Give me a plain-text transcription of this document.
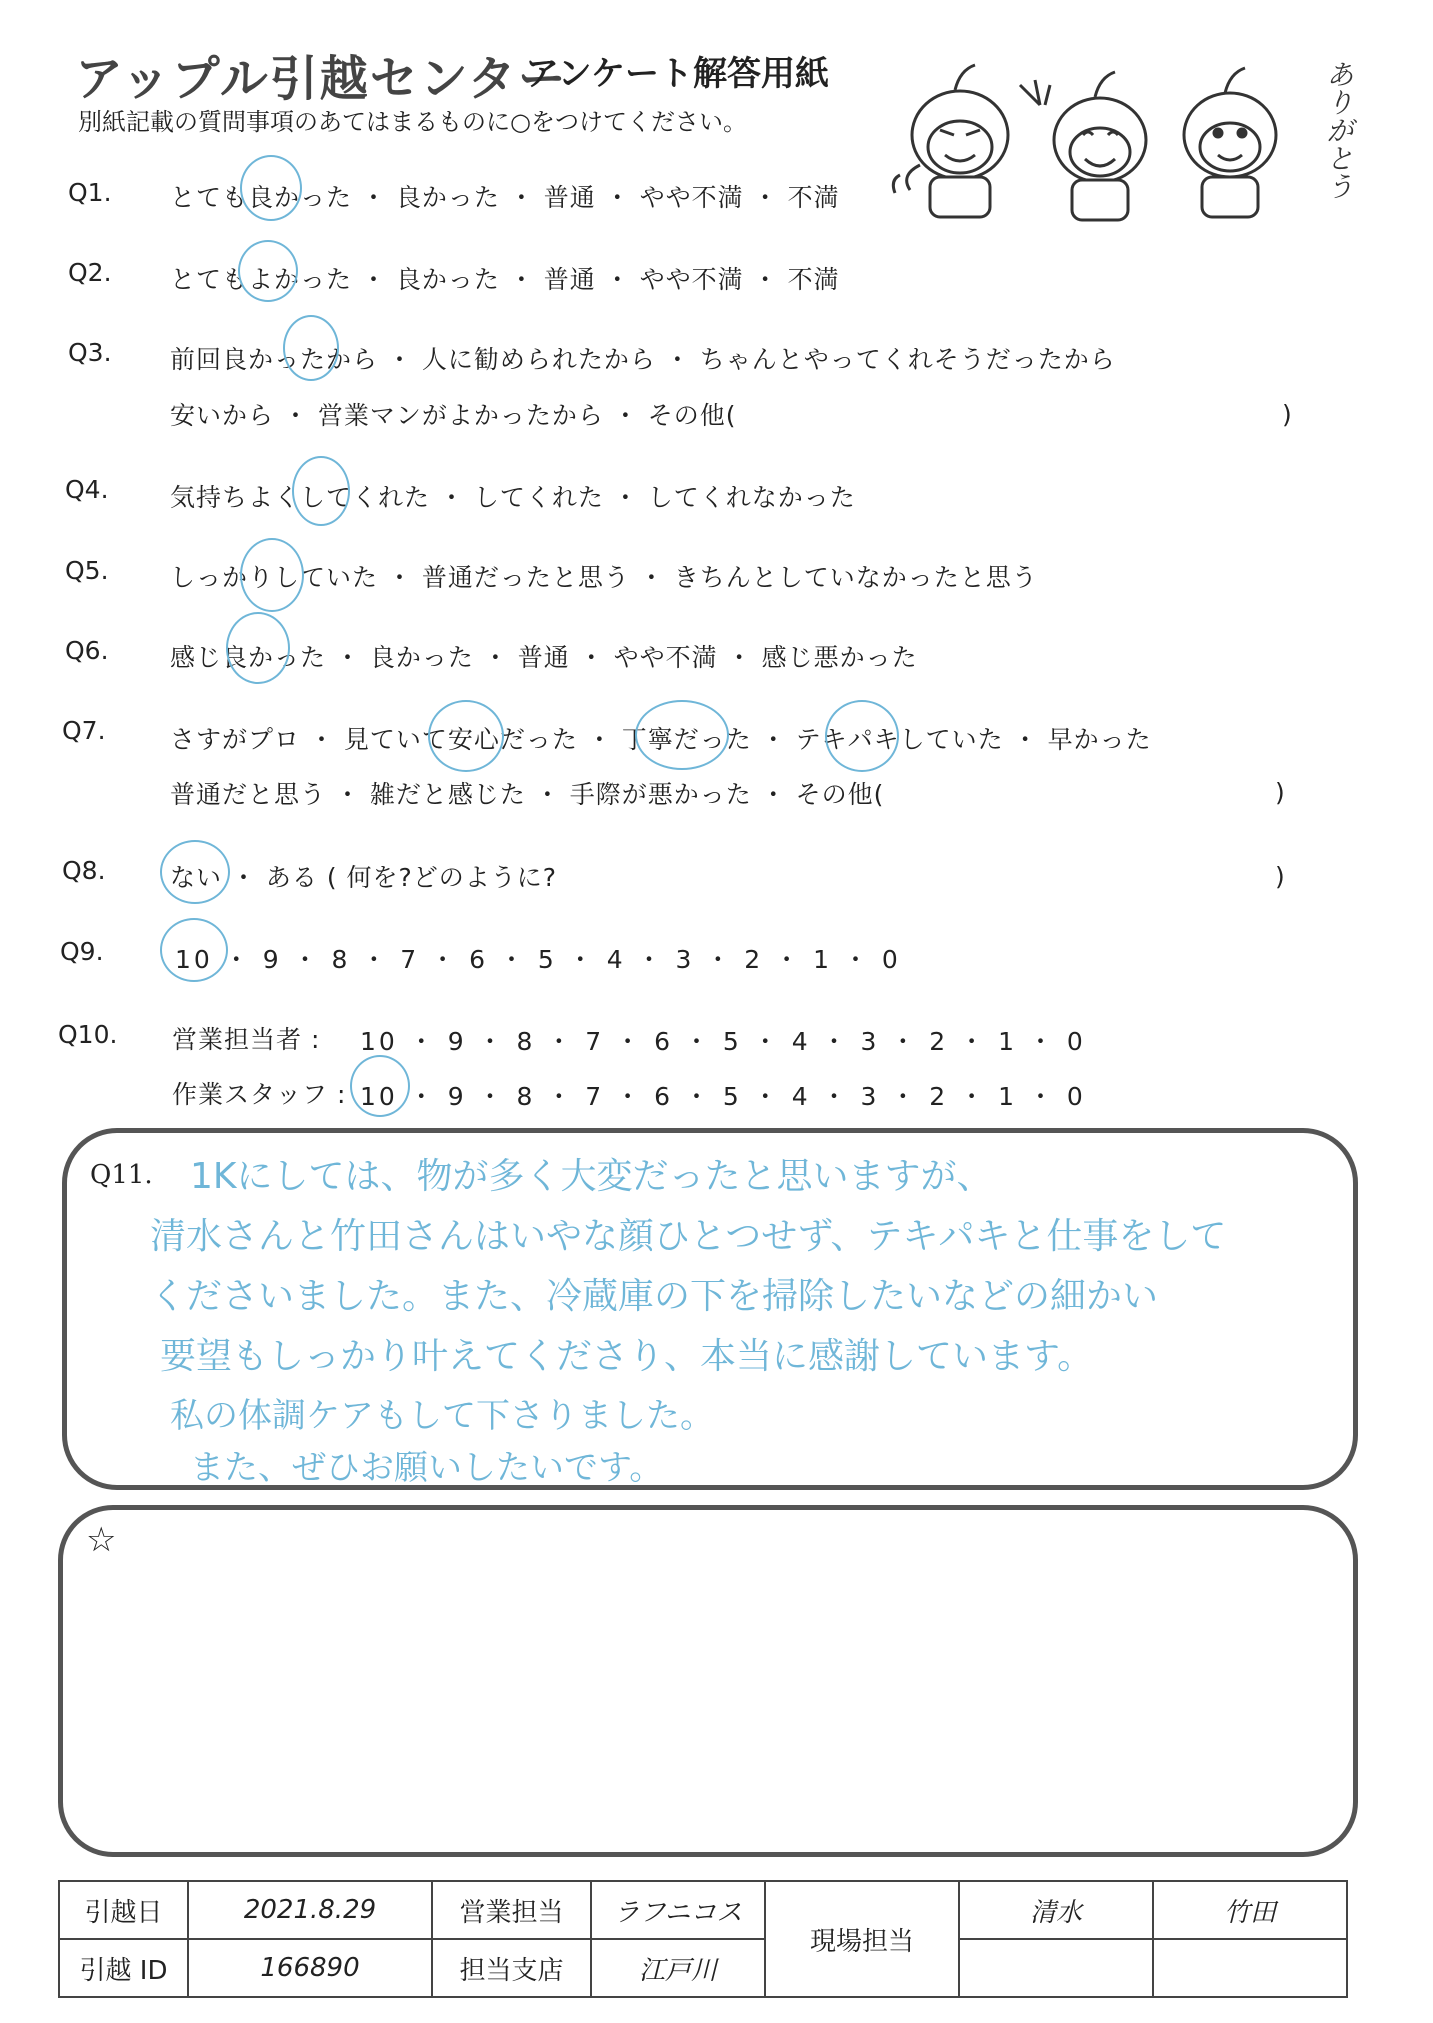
アップル引越センター
アンケート解答用紙
別紙記載の質問事項のあてはまるものに○をつけてください。	ありがとう
Q1. とても良かった ・ 良かった ・ 普通 ・ やや不満 ・ 不満
Q2. とてもよかった ・ 良かった ・ 普通 ・ やや不満 ・ 不満
Q3. 前回良かったから ・ 人に勧められたから ・ ちゃんとやってくれそうだったから
安いから ・ 営業マンがよかったから ・ その他(	)
Q4. 気持ちよくしてくれた ・ してくれた ・ してくれなかった
Q5. しっかりしていた ・ 普通だったと思う ・ きちんとしていなかったと思う
Q6. 感じ良かった ・ 良かった ・ 普通 ・ やや不満 ・ 感じ悪かった
Q7.	さすがプロ ・ 見ていて安心だった ・ 丁寧だった ・ テキパキしていた ・ 早かった
普通だと思う ・ 雑だと感じた ・ 手際が悪かった ・ その他(	)
Q8.	ない ・ ある ( 何を?どのように?	)
Q9.	10 ・ 9 ・ 8 ・ 7 ・ 6 ・ 5 ・ 4 ・ 3 ・ 2 ・ 1 ・ 0
Q10. 営業担当者 : 10 ・ 9 ・ 8 ・ 7 ・ 6 ・ 5 ・ 4 ・ 3 ・ 2 ・ 1 ・ 0
作業スタッフ : 10 ・ 9 ・ 8 ・ 7 ・ 6 ・ 5 ・ 4 ・ 3 ・ 2 ・ 1 ・ 0
Q11. 1Kにしては、物が多く大変だったと思いますが、
清水さんと竹田さんはいやな顔ひとつせず、テキパキと仕事をして
くださいました。また、冷蔵庫の下を掃除したいなどの細かい
要望もしっかり叶えてくださり、本当に感謝しています。
私の体調ケアもして下さりました。
また、ぜひお願いしたいです。
☆
引越日	2021.8.29	営業担当	ラフニコス	現場担当	清水	竹田
引越 ID	166890	担当支店	江戸川			
